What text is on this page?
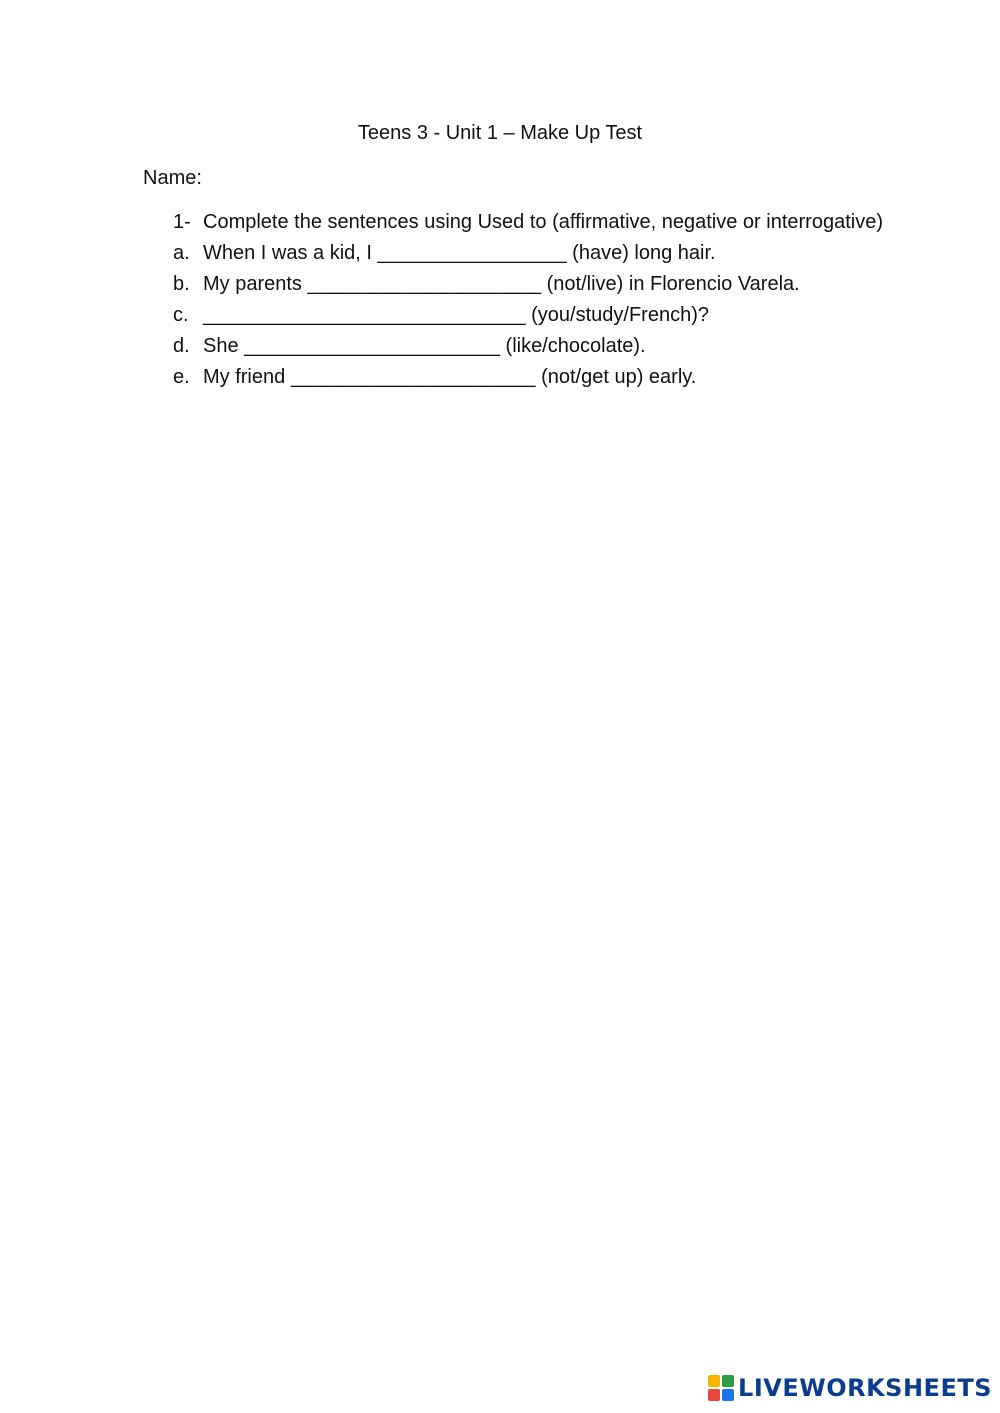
Teens 3 - Unit 1 – Make Up Test
Name:
1- Complete the sentences using Used to (affirmative, negative or interrogative)
a. When I was a kid, I _________________ (have) long hair.
b. My parents _____________________ (not/live) in Florencio Varela.
c. _____________________________ (you/study/French)?
d. She _______________________ (like/chocolate).
e. My friend ______________________ (not/get up) early.
LIVEWORKSHEETS
